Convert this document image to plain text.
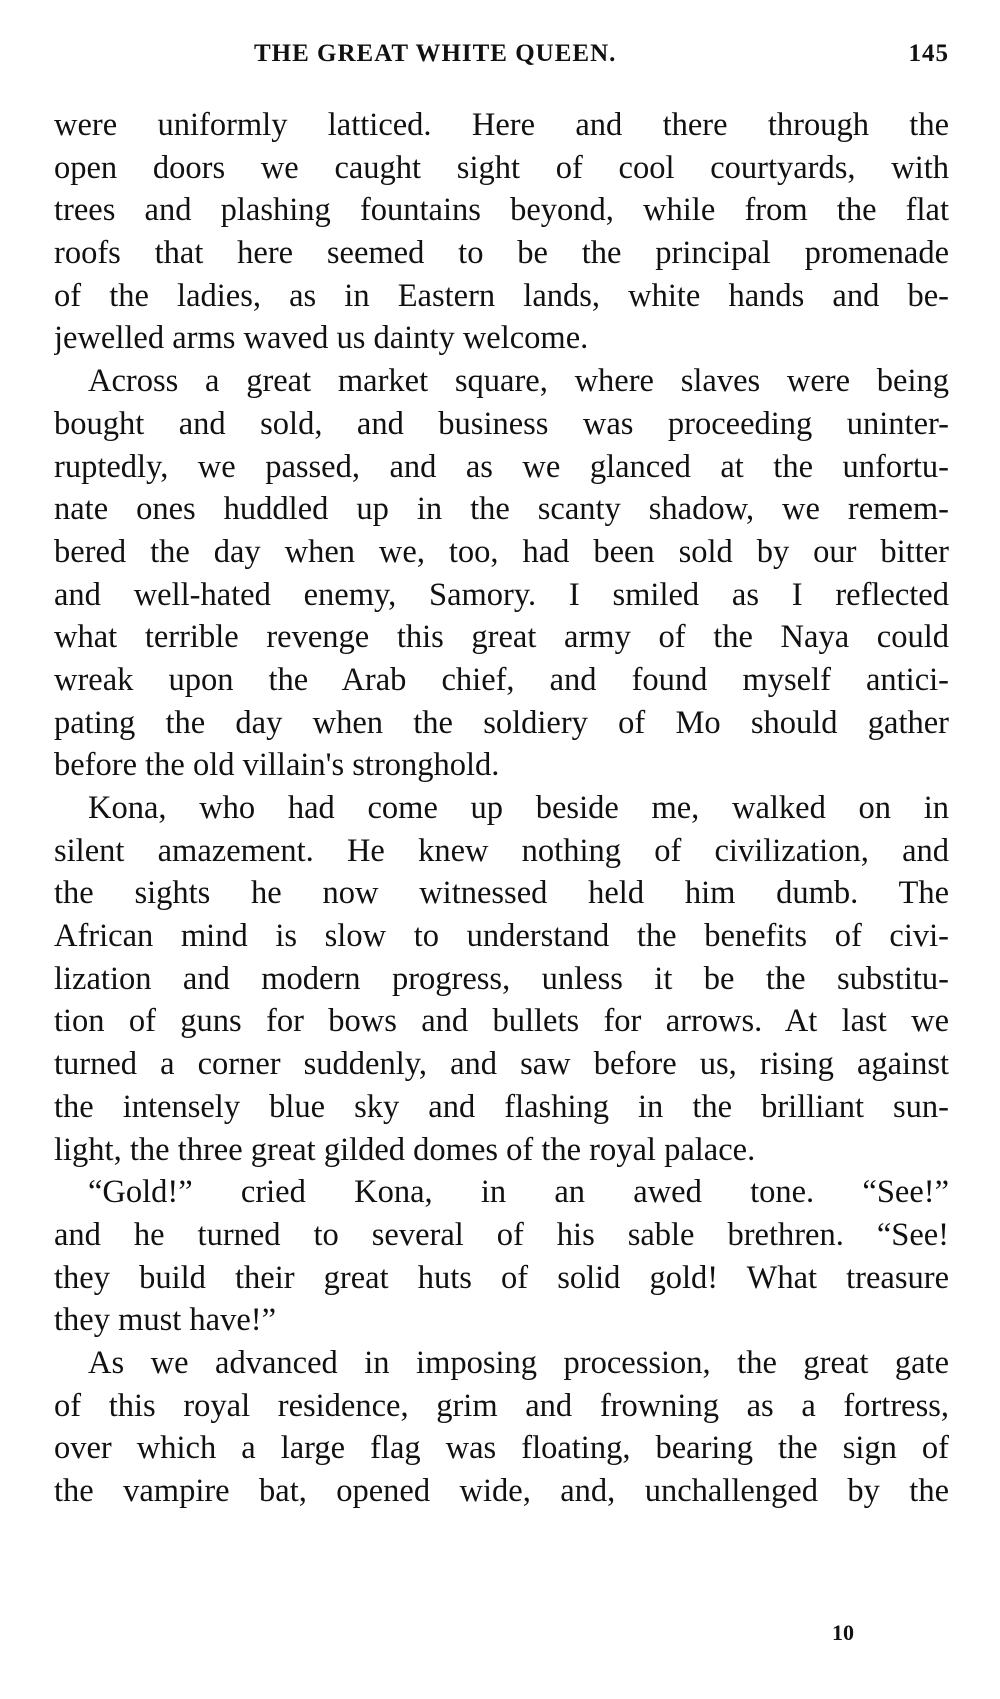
THE GREAT WHITE QUEEN.	145
were uniformly latticed. Here and there through the
open doors we caught sight of cool courtyards, with
trees and plashing fountains beyond, while from the flat
roofs that here seemed to be the principal promenade
of the ladies, as in Eastern lands, white hands and be-
jewelled arms waved us dainty welcome.
Across a great market square, where slaves were being
bought and sold, and business was proceeding uninter-
ruptedly, we passed, and as we glanced at the unfortu-
nate ones huddled up in the scanty shadow, we remem-
bered the day when we, too, had been sold by our bitter
and well-hated enemy, Samory. I smiled as I reflected
what terrible revenge this great army of the Naya could
wreak upon the Arab chief, and found myself antici-
pating the day when the soldiery of Mo should gather
before the old villain's stronghold.
Kona, who had come up beside me, walked on in
silent amazement. He knew nothing of civilization, and
the sights he now witnessed held him dumb. The
African mind is slow to understand the benefits of civi-
lization and modern progress, unless it be the substitu-
tion of guns for bows and bullets for arrows. At last we
turned a corner suddenly, and saw before us, rising against
the intensely blue sky and flashing in the brilliant sun-
light, the three great gilded domes of the royal palace.
“Gold!” cried Kona, in an awed tone. “See!”
and he turned to several of his sable brethren. “See!
they build their great huts of solid gold! What treasure
they must have!”
As we advanced in imposing procession, the great gate
of this royal residence, grim and frowning as a fortress,
over which a large flag was floating, bearing the sign of
the vampire bat, opened wide, and, unchallenged by the
10
